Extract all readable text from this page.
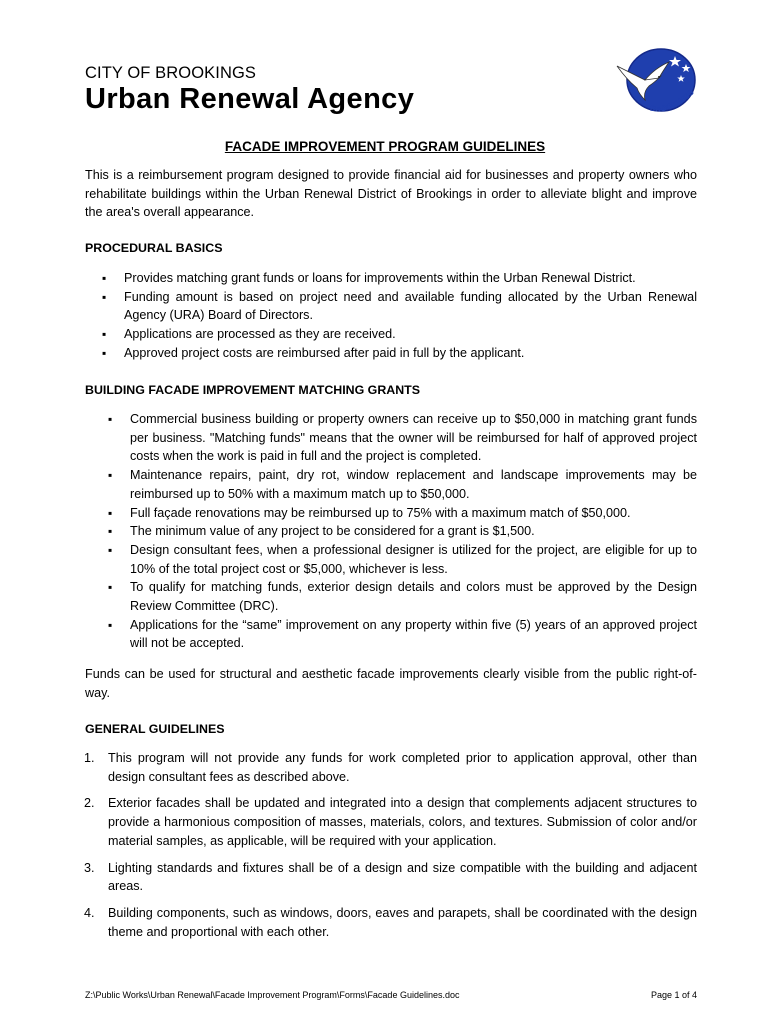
CITY OF BROOKINGS
Urban Renewal Agency	BROOKINGS
FACADE IMPROVEMENT PROGRAM GUIDELINES
This is a reimbursement program designed to provide financial aid for businesses and property owners who rehabilitate buildings within the Urban Renewal District of Brookings in order to alleviate blight and improve the area's overall appearance.
PROCEDURAL BASICS
▪ Provides matching grant funds or loans for improvements within the Urban Renewal District.
▪ Funding amount is based on project need and available funding allocated by the Urban Renewal Agency (URA) Board of Directors.
▪ Applications are processed as they are received.
▪ Approved project costs are reimbursed after paid in full by the applicant.
BUILDING FACADE IMPROVEMENT MATCHING GRANTS
▪ Commercial business building or property owners can receive up to $50,000 in matching grant funds per business. "Matching funds" means that the owner will be reimbursed for half of approved project costs when the work is paid in full and the project is completed.
▪ Maintenance repairs, paint, dry rot, window replacement and landscape improvements may be reimbursed up to 50% with a maximum match up to $50,000.
▪ Full façade renovations may be reimbursed up to 75% with a maximum match of $50,000.
▪ The minimum value of any project to be considered for a grant is $1,500.
▪ Design consultant fees, when a professional designer is utilized for the project, are eligible for up to 10% of the total project cost or $5,000, whichever is less.
▪ To qualify for matching funds, exterior design details and colors must be approved by the Design Review Committee (DRC).
▪ Applications for the “same” improvement on any property within five (5) years of an approved project will not be accepted.
Funds can be used for structural and aesthetic facade improvements clearly visible from the public right-of-way.
GENERAL GUIDELINES
1. This program will not provide any funds for work completed prior to application approval, other than design consultant fees as described above.
2. Exterior facades shall be updated and integrated into a design that complements adjacent structures to provide a harmonious composition of masses, materials, colors, and textures. Submission of color and/or material samples, as applicable, will be required with your application.
3. Lighting standards and fixtures shall be of a design and size compatible with the building and adjacent areas.
4. Building components, such as windows, doors, eaves and parapets, shall be coordinated with the design theme and proportional with each other.
Z:\Public Works\Urban Renewal\Facade Improvement Program\Forms\Facade Guidelines.doc	Page 1 of 4
